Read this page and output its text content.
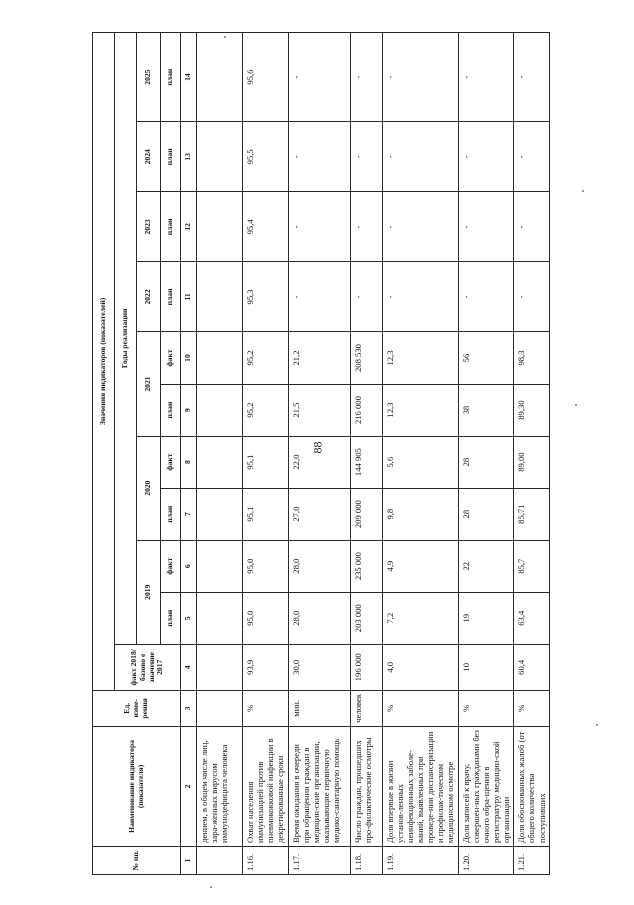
88
№ пп.	Наименование индикатора (показателя)	Ед. изме-рения	Значения индикаторов (показателей)										
			факт 2018/базово е значение 2017	Годы реализации									
				2019		2020		2021		2022	2023	2024	2025
				план	факт	план	факт	план	факт	план	план	план	план
1	2	3	4	5	6	7	8	9	10	11	12	13	14
	дением, в общем числе лиц, зара-женных вирусом иммунодефицита человека												
1.16.	Охват населения иммунизацией против пневмококковой инфекции в декретированные сроки	%	93,9	95,0	95,0	95,1	95,1	95,2	95,2	95,3	95,4	95,5	95,6
1.17.	Время ожидания в очереди при обращении граждан в медицин-ские организации, оказывающие первичную медико-санитарную помощь	мин.	30,0	28,0	28,0	27,0	22,0	21,5	21,2	-	-	-	-
1.18.	Число граждан, прошедших про-филактические осмотры	человек	196 000	203 000	235 000	209 000	144 905	216 000	208 530	-	-	-	-
1.19.	Доля впервые в жизни установ-ленных неинфекционных заболе-ваний, выявленных при проведе-нии диспансеризации и профилак-тическом медицинском осмотре	%	4,0	7,2	4,9	9,8	5,6	12,3	12,3	-	-	-	-
1.20.	Доля записей к врачу, совершен-ных гражданами без очного обра-щения в регистратуру медицин-ской организации	%	10	19	22	28	28	38	56	-	-	-	-
1.21.	Доля обоснованных жалоб (от общего количества поступивших	%	60,4	63,4	85,7	85,71	89,00	89,30	98,3	-	-	-	-
